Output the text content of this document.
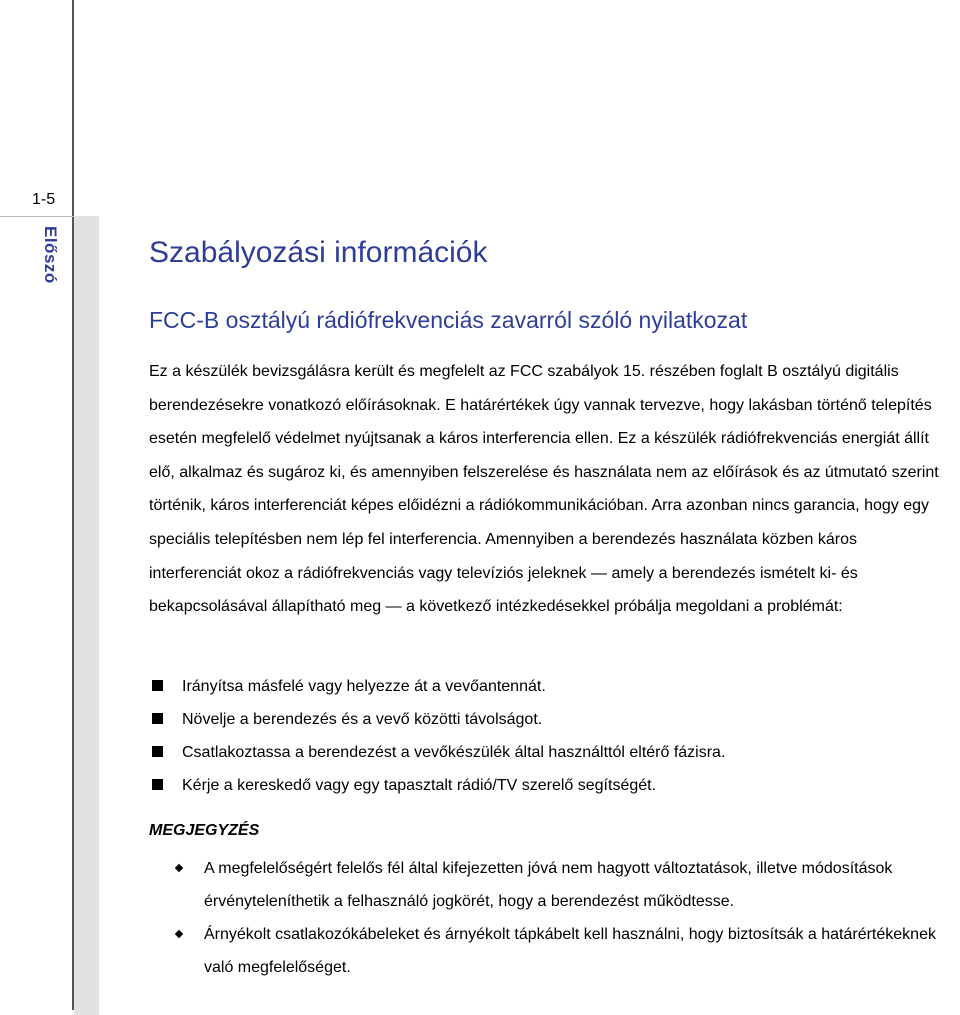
1-5
Előszó	Szabályozási információk
FCC-B osztályú rádiófrekvenciás zavarról szóló nyilatkozat

Ez a készülék bevizsgálásra került és megfelelt az FCC szabályok 15. részében foglalt B osztályú digitális berendezésekre vonatkozó előírásoknak. E határértékek úgy vannak tervezve, hogy lakásban történő telepítés esetén megfelelő védelmet nyújtsanak a káros interferencia ellen. Ez a készülék rádiófrekvenciás energiát állít elő, alkalmaz és sugároz ki, és amennyiben felszerelése és használata nem az előírások és az útmutató szerint történik, káros interferenciát képes előidézni a rádiókommunikációban. Arra azonban nincs garancia, hogy egy speciális telepítésben nem lép fel interferencia. Amennyiben a berendezés használata közben káros interferenciát okoz a rádiófrekvenciás vagy televíziós jeleknek — amely a berendezés ismételt ki- és bekapcsolásával állapítható meg — a következő intézkedésekkel próbálja megoldani a problémát:

Irányítsa másfelé vagy helyezze át a vevőantennát.
Növelje a berendezés és a vevő közötti távolságot.
Csatlakoztassa a berendezést a vevőkészülék által használttól eltérő fázisra.
Kérje a kereskedő vagy egy tapasztalt rádió/TV szerelő segítségét.
MEGJEGYZÉS
A megfelelőségért felelős fél által kifejezetten jóvá nem hagyott változtatások, illetve módosítások érvényteleníthetik a felhasználó jogkörét, hogy a berendezést működtesse.
Árnyékolt csatlakozókábeleket és árnyékolt tápkábelt kell használni, hogy biztosítsák a határértékeknek való megfelelőséget.
